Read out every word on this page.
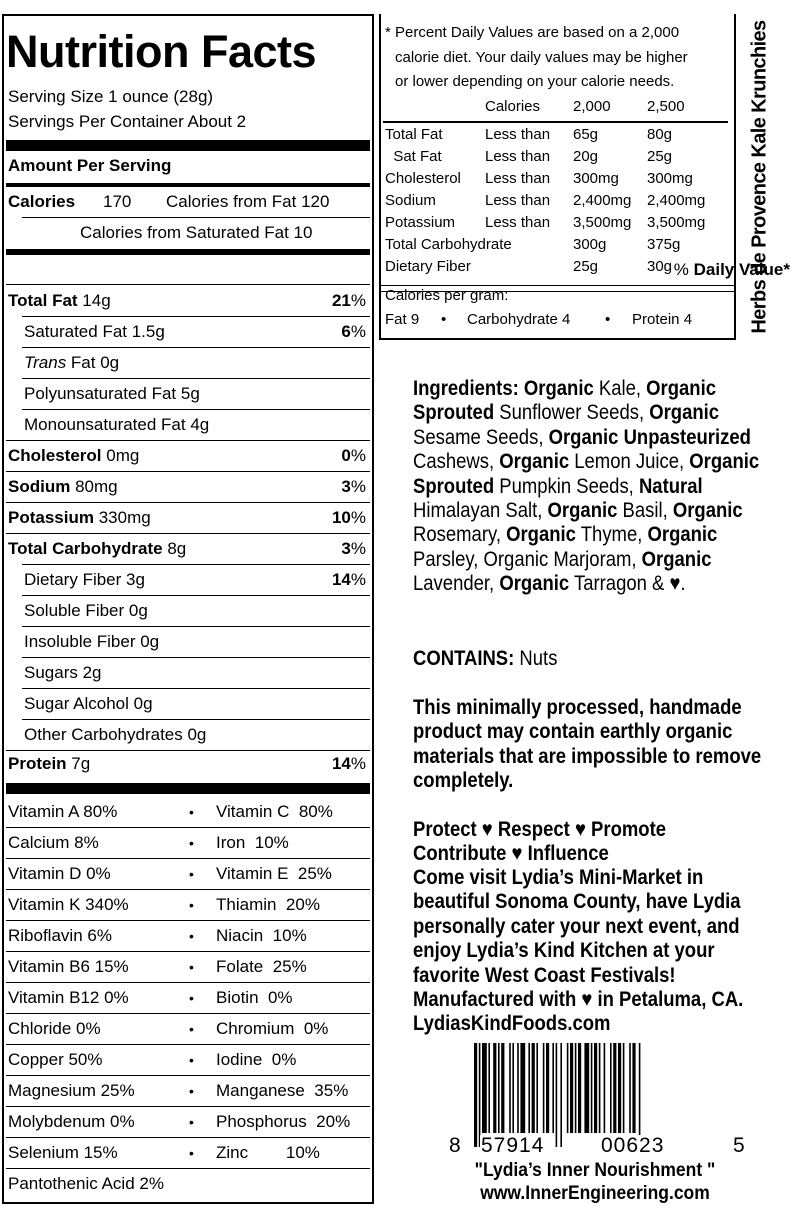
Nutrition Facts
Serving Size 1 ounce (28g)
Servings Per Container About 2
Amount Per Serving
Calories 170 Calories from Fat 120
Calories from Saturated Fat 10
% Daily Value*
Total Fat 14g	21%
Saturated Fat 1.5g	6%
Trans Fat 0g
Polyunsaturated Fat 5g
Monounsaturated Fat 4g
Cholesterol 0mg	0%
Sodium 80mg	3%
Potassium 330mg	10%
Total Carbohydrate 8g	3%
Dietary Fiber 3g	14%
Soluble Fiber 0g
Insoluble Fiber 0g
Sugars 2g
Sugar Alcohol 0g
Other Carbohydrates 0g
Protein 7g	14%
Vitamin A 80%	• Vitamin C  80%
Calcium 8%	• Iron  10%
Vitamin D 0%	• Vitamin E  25%
Vitamin K 340%	• Thiamin  20%
Riboflavin 6%	• Niacin  10%
Vitamin B6 15%	• Folate  25%
Vitamin B12 0%	• Biotin  0%
Chloride 0%	• Chromium  0%
Copper 50%	• Iodine  0%
Magnesium 25%	• Manganese  35%
Molybdenum 0%	• Phosphorus  20%
Selenium 15%	• Zinc        10%
Pantothenic Acid 2%
* Percent Daily Values are based on a 2,000
calorie diet. Your daily values may be higher
or lower depending on your calorie needs.
Calories 2,000 2,500
Total Fat	Less than 65g	80g
Sat Fat	Less than 20g	25g
Cholesterol Less than 300mg 300mg
Sodium	Less than 2,400mg 2,400mg
Potassium Less than 3,500mg 3,500mg
Total Carbohydrate	300g	375g
Dietary Fiber	25g	30g
Calories per gram:
Fat 9 • Carbohydrate 4 • Protein 4	Herbs de Provence Kale Krunchies
Ingredients: Organic Kale, Organic Sprouted Sunflower Seeds, Organic Sesame Seeds, Organic Unpasteurized Cashews, Organic Lemon Juice, Organic Sprouted Pumpkin Seeds, Natural Himalayan Salt, Organic Basil, Organic Rosemary, Organic Thyme, Organic Parsley, Organic Marjoram, Organic Lavender, Organic Tarragon & ♥.
CONTAINS: Nuts
This minimally processed, handmade product may contain earthly organic materials that are impossible to remove completely.
Protect ♥ Respect ♥ Promote
Contribute ♥ Influence
Come visit Lydia’s Mini-Market in beautiful Sonoma County, have Lydia personally cater your next event, and enjoy Lydia’s Kind Kitchen at your favorite West Coast Festivals!
Manufactured with ♥ in Petaluma, CA.
LydiasKindFoods.com
8 57914	00623	5
"Lydia’s Inner Nourishment "
www.InnerEngineering.com
